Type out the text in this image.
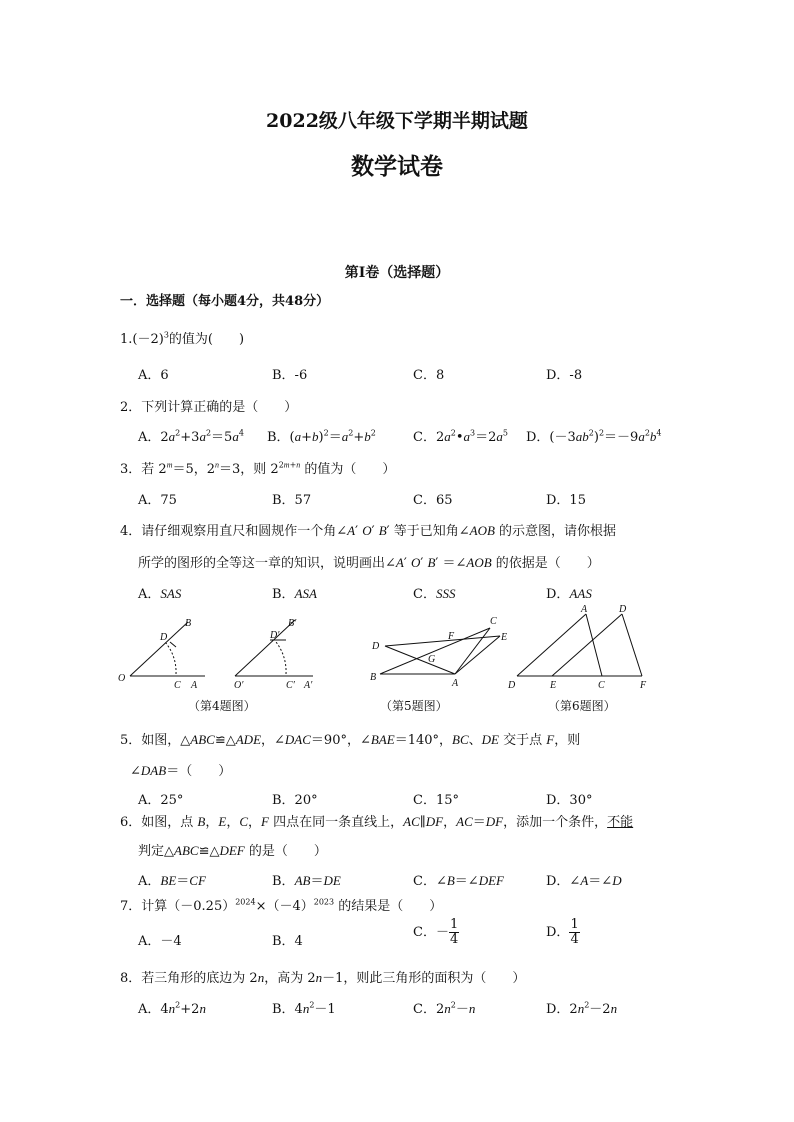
2022级八年级下学期半期试题
数学试卷
第Ⅰ卷（选择题）
一．选择题（每小题4分，共48分）
$1.(-2)^3$的值为(　　)
A．6	B．-6	C．8	D．-8
2．下列计算正确的是（　　）
A．$2a^2+3a^2=5a^4$ B．$(a+b)^2=a^2+b^2$	C．$2a^2•a^3=2a^5$ D．$(-3ab^2)^2=-9a^2b^4$
3．若 $2^m=5$，$2^n=3$，则 $2^{2m+n}$ 的值为（　　）
A．75	B．57	C．65	D．15
4．请仔细观察用直尺和圆规作一个角∠A′ O′ B′ 等于已知角∠AOB 的示意图，请你根据
所学的图形的全等这一章的知识，说明画出∠A′ O′ B′ ＝∠AOB 的依据是（　　）
A．SAS	B．ASA	C．SSS	D．AAS
O
C A
D
B
O′	C′ A′
D′
B′
D
B
A
F
G
C
E
D	E	C	F
A	D
（第4题图）	（第5题图）	（第6题图）
5．如图，△ABC≌△ADE，∠DAC＝90°，∠BAE＝140°，BC、DE 交于点 F，则
∠DAB＝（　　）
A．25°	B．20°	C．15°	D．30°
6．如图，点 B，E，C，F 四点在同一条直线上，AC∥DF，AC＝DF，添加一个条件，不能
判定△ABC≌△DEF 的是（　　）
A．BE＝CF	B．AB＝DE	C．∠B＝∠DEF	D．∠A＝∠D
7．计算$(-0.25)^{2024}\times(-4)^{2023}$ 的结果是（　　）
A．－4	B．4
C．－ $\frac{1}{4}$	D． $\frac{1}{4}$
8．若三角形的底边为 2n，高为 2n－1，则此三角形的面积为（　　）
A．$4n^2+2n$	B．$4n^2-1$	C．$2n^2-n$	D．$2n^2-2n$
